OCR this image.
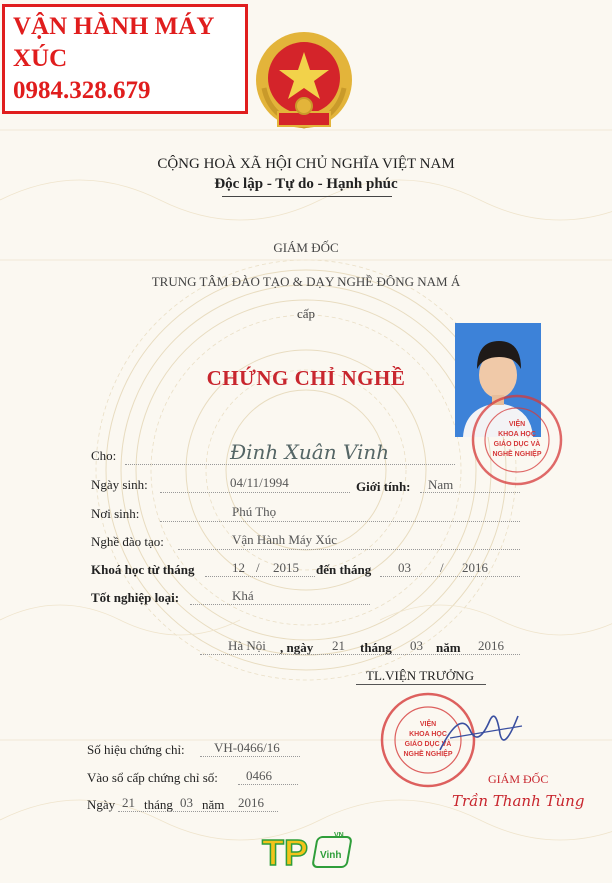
VẬN HÀNH MÁY
XÚC
0984.328.679
CỘNG HOÀ XÃ HỘI CHỦ NGHĨA VIỆT NAM
Độc lập - Tự do - Hạnh phúc
GIÁM ĐỐC
TRUNG TÂM ĐÀO TẠO & DẠY NGHỀ ĐÔNG NAM Á
cấp
CHỨNG CHỈ NGHỀ
VIỆN
KHOA HỌC
GIÁO DỤC VÀ
NGHỀ NGHIỆP
Cho:	Đinh Xuân Vinh
Ngày sinh:	04/11/1994	Giới tính: Nam
Nơi sinh:	Phú Thọ
Nghề đào tạo:	Vận Hành Máy Xúc
Khoá học từ tháng	12 / 2015 đến tháng 03 / 2016
Tốt nghiệp loại:	Khá
Hà Nội , ngày 21 tháng 03 năm 2016
TL.VIỆN TRƯỞNG
VIỆN
KHOA HỌC
GIÁO DỤC VÀ
NGHỀ NGHIỆP
GIÁM ĐỐC
Trần Thanh Tùng
Số hiệu chứng chỉ: VH-0466/16
Vào sổ cấp chứng chỉ số: 0466
Ngày 21 tháng 03 năm 2016
TP Vinh
VN
